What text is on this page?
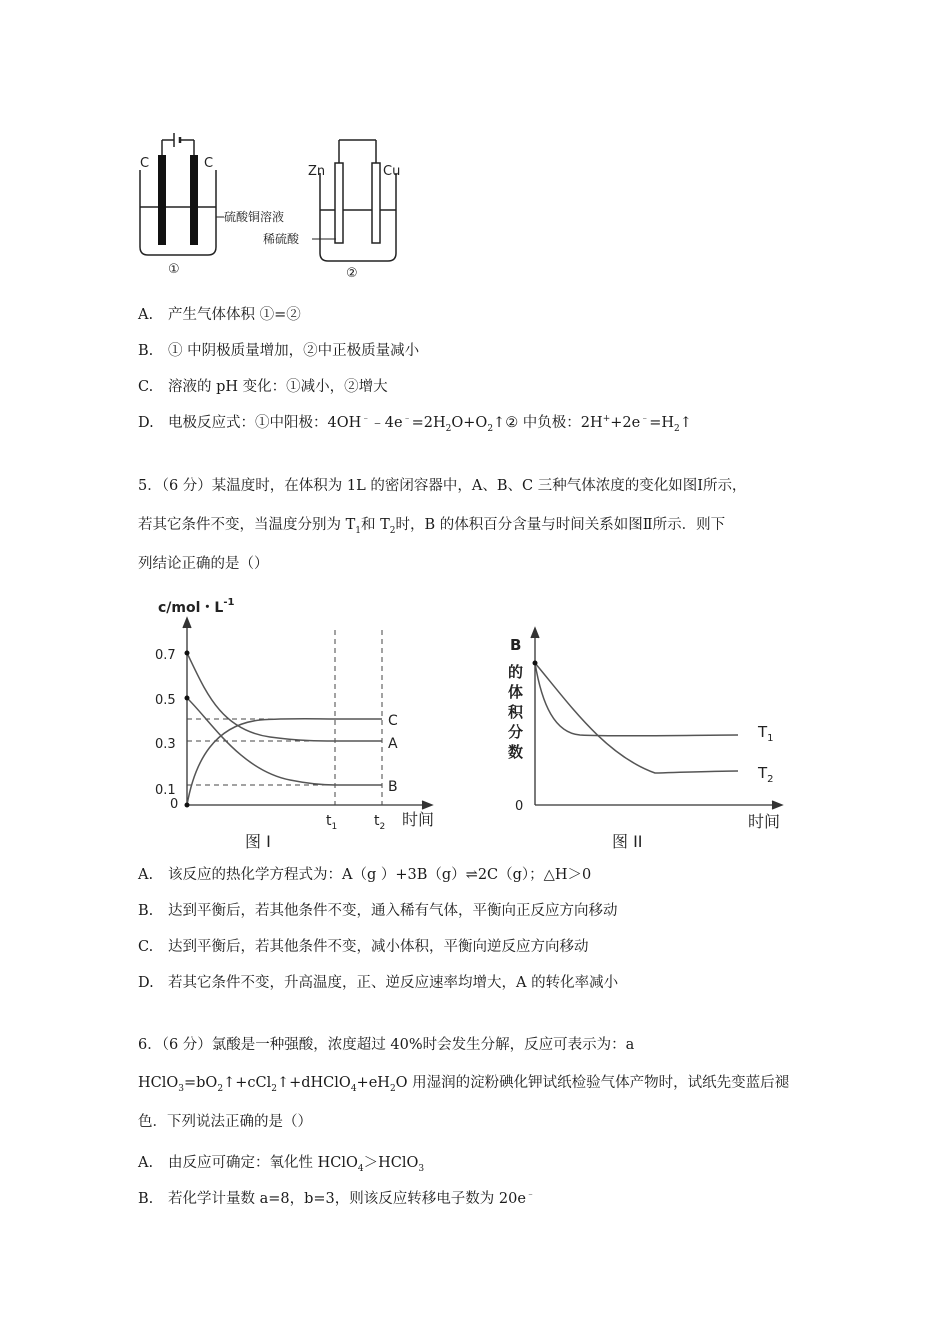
C	C
硫酸铜溶液
①
Zn	Cu
稀硫酸
②
A. 产生气体体积 ①=②
B. ① 中阴极质量增加，②中正极质量减小
C. 溶液的 pH 变化：①减小，②增大
D. 电极反应式：①中阳极：$4OH^﹣﹣4e^﹣=2H_2O+O_2↑②$ 中负极：$2H^++2e^﹣=H_2↑$
5．（6 分）某温度时，在体积为 1L 的密闭容器中，A、B、C 三种气体浓度的变化如图Ⅰ所示，
若其它条件不变，当温度分别为 $T_1$和 $T_2$时，B 的体积百分含量与时间关系如图Ⅱ所示．则下
列结论正确的是（）
c/mol・$L^{-1}$
0.7
0.5
0.3
0.1
0
C
A
B
$t_1$	$t_2$ 时间
图 I
B 的 体 积 分 数
0
$T_1$
$T_2$
时间
图 II
A. 该反应的热化学方程式为：A（g ）+3B（g）⇌2C（g）；△H＞0
B. 达到平衡后，若其他条件不变，通入稀有气体，平衡向正反应方向移动
C. 达到平衡后，若其他条件不变，减小体积，平衡向逆反应方向移动
D. 若其它条件不变，升高温度，正、逆反应速率均增大，A 的转化率减小
6．（6 分）氯酸是一种强酸，浓度超过 40%时会发生分解，反应可表示为：a
$HClO_3=bO_2↑+cCl_2↑+dHClO_4+eH_2O$ 用湿润的淀粉碘化钾试纸检验气体产物时，试纸先变蓝后褪
色．下列说法正确的是（）
A. 由反应可确定：氧化性 HClO$_4$＞HClO$_3$
B. 若化学计量数 a=8，b=3，则该反应转移电子数为 20e﹣
